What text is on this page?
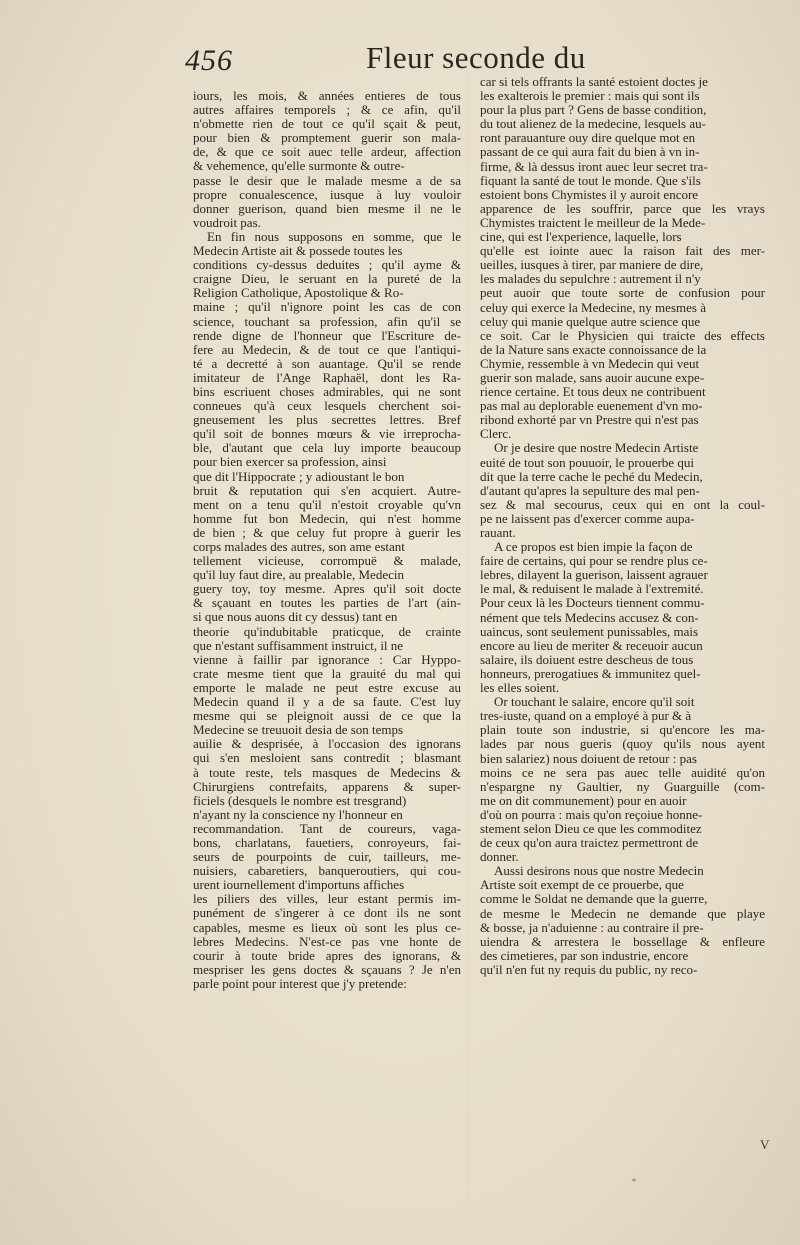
456	Fleur seconde du
iours, les mois, & années entieres de tous
autres affaires temporels ; & ce afin, qu'il
n'obmette rien de tout ce qu'il sçait & peut,
pour bien & promptement guerir son mala-
de, & que ce soit auec telle ardeur, affection
& vehemence, qu'elle surmonte & outre-
passe le desir que le malade mesme a de sa
propre conualescence, iusque à luy vouloir
donner guerison, quand bien mesme il ne le
voudroit pas.
En fin nous supposons en somme, que le
Medecin Artiste ait & possede toutes les
conditions cy-dessus deduites ; qu'il ayme &
craigne Dieu, le seruant en la pureté de la
Religion Catholique, Apostolique & Ro-
maine ; qu'il n'ignore point les cas de con
science, touchant sa profession, afin qu'il se
rende digne de l'honneur que l'Escriture de-
fere au Medecin, & de tout ce que l'antiqui-
té a decretté à son auantage. Qu'il se rende
imitateur de l'Ange Raphaël, dont les Ra-
bins escriuent choses admirables, qui ne sont
conneues qu'à ceux lesquels cherchent soi-
gneusement les plus secrettes lettres. Bref
qu'il soit de bonnes mœurs & vie irreprocha-
ble, d'autant que cela luy importe beaucoup
pour bien exercer sa profession, ainsi
que dit l'Hippocrate ; y adioustant le bon
bruit & reputation qui s'en acquiert. Autre-
ment on a tenu qu'il n'estoit croyable qu'vn
homme fut bon Medecin, qui n'est homme
de bien ; & que celuy fut propre à guerir les
corps malades des autres, son ame estant
tellement vicieuse, corrompuë & malade,
qu'il luy faut dire, au prealable, Medecin
guery toy, toy mesme. Apres qu'il soit docte
& sçauant en toutes les parties de l'art (ain-
si que nous auons dit cy dessus) tant en
theorie qu'indubitable praticque, de crainte
que n'estant suffisamment instruict, il ne
vienne à faillir par ignorance : Car Hyppo-
crate mesme tient que la grauité du mal qui
emporte le malade ne peut estre excuse au
Medecin quand il y a de sa faute. C'est luy
mesme qui se pleignoit aussi de ce que la
Medecine se treuuoit desia de son temps
auilie & desprisée, à l'occasion des ignorans
qui s'en mesloient sans contredit ; blasmant
à toute reste, tels masques de Medecins &
Chirurgiens contrefaits, apparens & super-
ficiels (desquels le nombre est tresgrand)
n'ayant ny la conscience ny l'honneur en
recommandation. Tant de coureurs, vaga-
bons, charlatans, fauetiers, conroyeurs, fai-
seurs de pourpoints de cuir, tailleurs, me-
nuisiers, cabaretiers, banqueroutiers, qui cou-
urent iournellement d'importuns affiches
les piliers des villes, leur estant permis im-
punément de s'ingerer à ce dont ils ne sont
capables, mesme es lieux où sont les plus ce-
lebres Medecins. N'est-ce pas vne honte de
courir à toute bride apres des ignorans, &
mespriser les gens doctes & sçauans ? Je n'en
parle point pour interest que j'y pretende:
car si tels offrants la santé estoient doctes je
les exalterois le premier : mais qui sont ils
pour la plus part ? Gens de basse condition,
du tout alienez de la medecine, lesquels au-
ront parauanture ouy dire quelque mot en
passant de ce qui aura fait du bien à vn in-
firme, & là dessus iront auec leur secret tra-
fiquant la santé de tout le monde. Que s'ils
estoient bons Chymistes il y auroit encore
apparence de les souffrir, parce que les vrays
Chymistes traictent le meilleur de la Mede-
cine, qui est l'experience, laquelle, lors
qu'elle est iointe auec la raison fait des mer-
ueilles, iusques à tirer, par maniere de dire,
les malades du sepulchre : autrement il n'y
peut auoir que toute sorte de confusion pour
celuy qui exerce la Medecine, ny mesmes à
celuy qui manie quelque autre science que
ce soit. Car le Physicien qui traicte des effects
de la Nature sans exacte connoissance de la
Chymie, ressemble à vn Medecin qui veut
guerir son malade, sans auoir aucune expe-
rience certaine. Et tous deux ne contribuent
pas mal au deplorable euenement d'vn mo-
ribond exhorté par vn Prestre qui n'est pas
Clerc.
Or je desire que nostre Medecin Artiste
euité de tout son pouuoir, le prouerbe qui
dit que la terre cache le peché du Medecin,
d'autant qu'apres la sepulture des mal pen-
sez & mal secourus, ceux qui en ont la coul-
pe ne laissent pas d'exercer comme aupa-
rauant.
A ce propos est bien impie la façon de
faire de certains, qui pour se rendre plus ce-
lebres, dilayent la guerison, laissent agrauer
le mal, & reduisent le malade à l'extremité.
Pour ceux là les Docteurs tiennent commu-
nément que tels Medecins accusez & con-
uaincus, sont seulement punissables, mais
encore au lieu de meriter & receuoir aucun
salaire, ils doiuent estre descheus de tous
honneurs, prerogatiues & immunitez quel-
les elles soient.
Or touchant le salaire, encore qu'il soit
tres-iuste, quand on a employé à pur & à
plain toute son industrie, si qu'encore les ma-
lades par nous gueris (quoy qu'ils nous ayent
bien salariez) nous doiuent de retour : pas
moins ce ne sera pas auec telle auidité qu'on
n'espargne ny Gaultier, ny Guarguille (com-
me on dit communement) pour en auoir
d'où on pourra : mais qu'on reçoiue honne-
stement selon Dieu ce que les commoditez
de ceux qu'on aura traictez permettront de
donner.
Aussi desirons nous que nostre Medecin
Artiste soit exempt de ce prouerbe, que
comme le Soldat ne demande que la guerre,
de mesme le Medecin ne demande que playe
& bosse, ja n'aduienne : au contraire il pre-
uiendra & arrestera le bossellage & enfleure
des cimetieres, par son industrie, encore
qu'il n'en fut ny requis du public, ny reco-
V
"
